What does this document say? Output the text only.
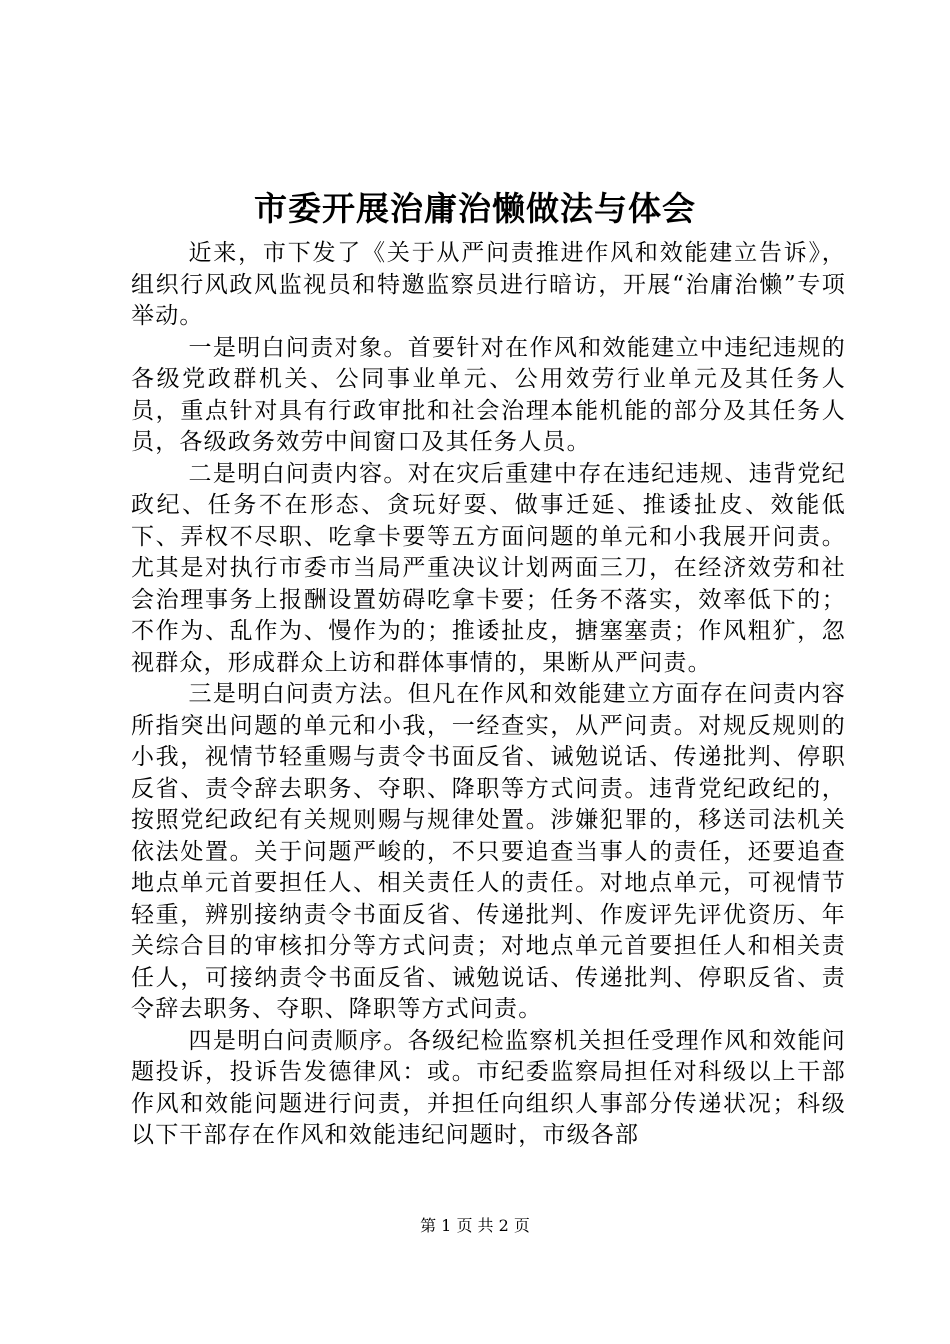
市委开展治庸治懒做法与体会

近来，市下发了《关于从严问责推进作风和效能建立告诉》，组织行风政风监视员和特邀监察员进行暗访，开展“治庸治懒”专项举动。

一是明白问责对象。首要针对在作风和效能建立中违纪违规的各级党政群机关、公同事业单元、公用效劳行业单元及其任务人员，重点针对具有行政审批和社会治理本能机能的部分及其任务人员，各级政务效劳中间窗口及其任务人员。

二是明白问责内容。对在灾后重建中存在违纪违规、违背党纪政纪、任务不在形态、贪玩好耍、做事迁延、推诿扯皮、效能低下、弄权不尽职、吃拿卡要等五方面问题的单元和小我展开问责。尤其是对执行市委市当局严重决议计划两面三刀，在经济效劳和社会治理事务上报酬设置妨碍吃拿卡要；任务不落实，效率低下的；不作为、乱作为、慢作为的；推诿扯皮，搪塞塞责；作风粗犷，忽视群众，形成群众上访和群体事情的，果断从严问责。

三是明白问责方法。但凡在作风和效能建立方面存在问责内容所指突出问题的单元和小我，一经查实，从严问责。对规反规则的小我，视情节轻重赐与责令书面反省、诫勉说话、传递批判、停职反省、责令辞去职务、夺职、降职等方式问责。违背党纪政纪的，按照党纪政纪有关规则赐与规律处置。涉嫌犯罪的，移送司法机关依法处置。关于问题严峻的，不只要追查当事人的责任，还要追查地点单元首要担任人、相关责任人的责任。对地点单元，可视情节轻重，辨别接纳责令书面反省、传递批判、作废评先评优资历、年关综合目的审核扣分等方式问责；对地点单元首要担任人和相关责任人，可接纳责令书面反省、诫勉说话、传递批判、停职反省、责令辞去职务、夺职、降职等方式问责。

四是明白问责顺序。各级纪检监察机关担任受理作风和效能问题投诉，投诉告发德律风：或。市纪委监察局担任对科级以上干部作风和效能问题进行问责，并担任向组织人事部分传递状况；科级以下干部存在作风和效能违纪问题时，市级各部

第 1 页 共 2 页
